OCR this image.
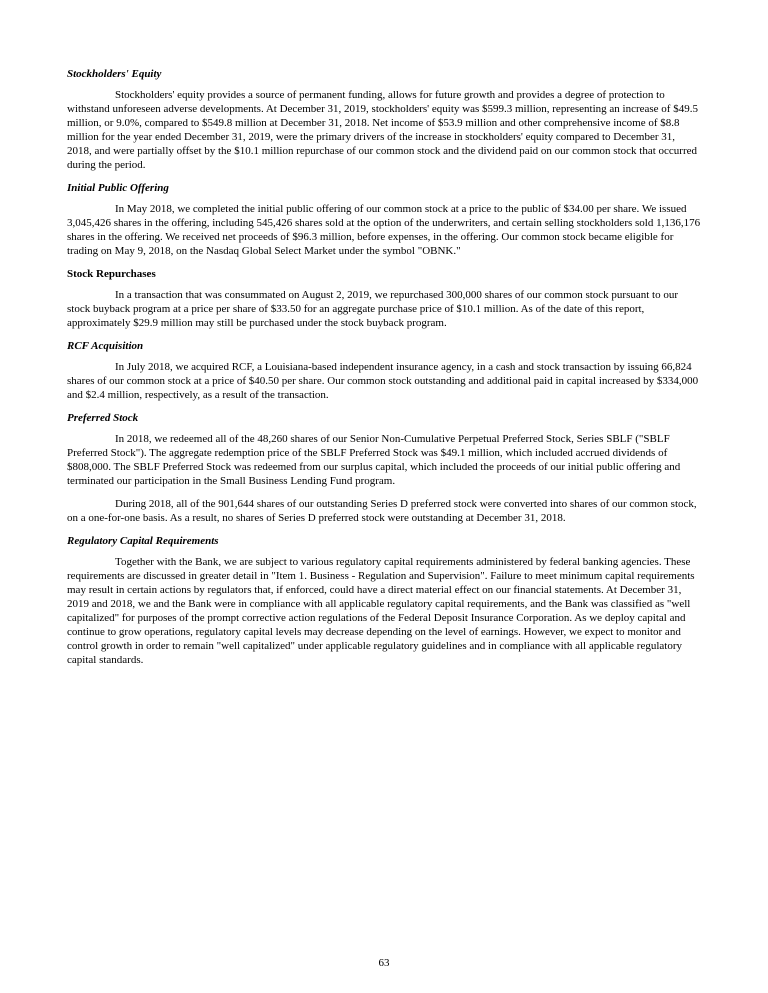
Stockholders' Equity

Stockholders' equity provides a source of permanent funding, allows for future growth and provides a degree of protection to withstand unforeseen adverse developments. At December 31, 2019, stockholders' equity was $599.3 million, representing an increase of $49.5 million, or 9.0%, compared to $549.8 million at December 31, 2018. Net income of $53.9 million and other comprehensive income of $8.8 million for the year ended December 31, 2019, were the primary drivers of the increase in stockholders' equity compared to December 31, 2018, and were partially offset by the $10.1 million repurchase of our common stock and the dividend paid on our common stock that occurred during the period.

Initial Public Offering

In May 2018, we completed the initial public offering of our common stock at a price to the public of $34.00 per share. We issued 3,045,426 shares in the offering, including 545,426 shares sold at the option of the underwriters, and certain selling stockholders sold 1,136,176 shares in the offering. We received net proceeds of $96.3 million, before expenses, in the offering. Our common stock became eligible for trading on May 9, 2018, on the Nasdaq Global Select Market under the symbol "OBNK."

Stock Repurchases

In a transaction that was consummated on August 2, 2019, we repurchased 300,000 shares of our common stock pursuant to our stock buyback program at a price per share of $33.50 for an aggregate purchase price of $10.1 million. As of the date of this report, approximately $29.9 million may still be purchased under the stock buyback program.

RCF Acquisition

In July 2018, we acquired RCF, a Louisiana-based independent insurance agency, in a cash and stock transaction by issuing 66,824 shares of our common stock at a price of $40.50 per share. Our common stock outstanding and additional paid in capital increased by $334,000 and $2.4 million, respectively, as a result of the transaction.

Preferred Stock

In 2018, we redeemed all of the 48,260 shares of our Senior Non-Cumulative Perpetual Preferred Stock, Series SBLF ("SBLF Preferred Stock"). The aggregate redemption price of the SBLF Preferred Stock was $49.1 million, which included accrued dividends of $808,000. The SBLF Preferred Stock was redeemed from our surplus capital, which included the proceeds of our initial public offering and terminated our participation in the Small Business Lending Fund program.

During 2018, all of the 901,644 shares of our outstanding Series D preferred stock were converted into shares of our common stock, on a one-for-one basis. As a result, no shares of Series D preferred stock were outstanding at December 31, 2018.

Regulatory Capital Requirements

Together with the Bank, we are subject to various regulatory capital requirements administered by federal banking agencies. These requirements are discussed in greater detail in "Item 1. Business - Regulation and Supervision". Failure to meet minimum capital requirements may result in certain actions by regulators that, if enforced, could have a direct material effect on our financial statements. At December 31, 2019 and 2018, we and the Bank were in compliance with all applicable regulatory capital requirements, and the Bank was classified as "well capitalized" for purposes of the prompt corrective action regulations of the Federal Deposit Insurance Corporation. As we deploy capital and continue to grow operations, regulatory capital levels may decrease depending on the level of earnings. However, we expect to monitor and control growth in order to remain "well capitalized" under applicable regulatory guidelines and in compliance with all applicable regulatory capital standards.

63
